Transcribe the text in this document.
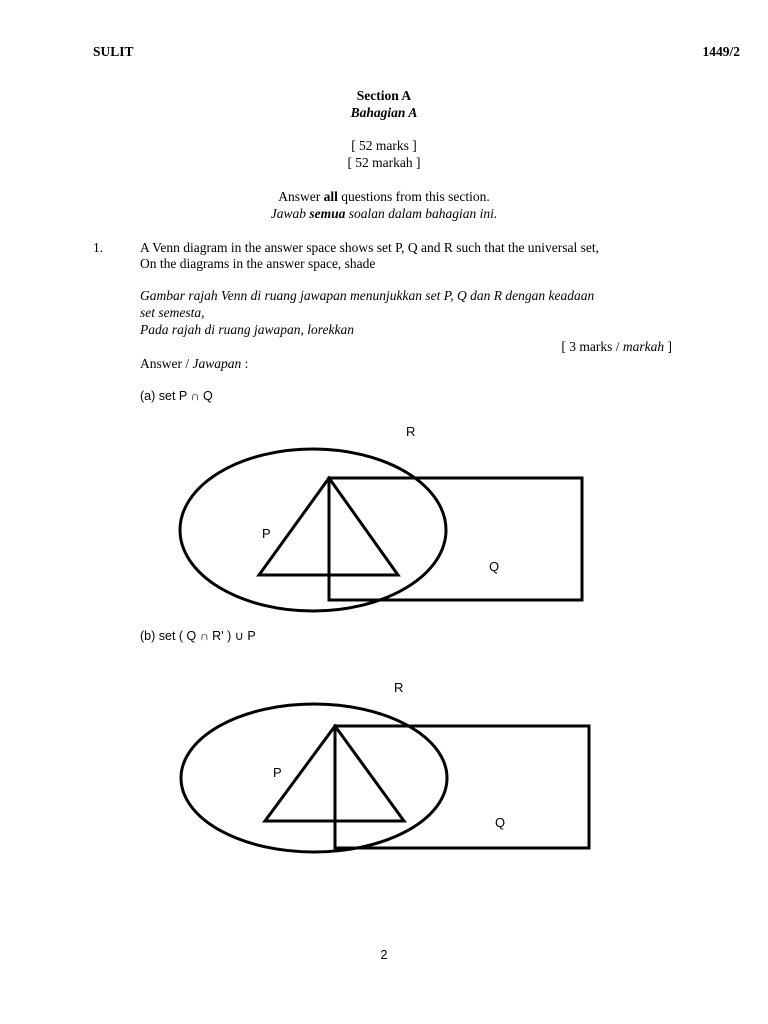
SULIT	1449/2
Section A
Bahagian A
[ 52 marks ]
[ 52 markah ]
Answer all questions from this section.
Jawab semua soalan dalam bahagian ini.
1.	A Venn diagram in the answer space shows set P, Q and R such that the universal set,
On the diagrams in the answer space, shade
Gambar rajah Venn di ruang jawapan menunjukkan set P, Q dan R dengan keadaan
set semesta,
Pada rajah di ruang jawapan, lorekkan
[ 3 marks / markah ]
Answer / Jawapan :
(a) set P ∩ Q
R
P
Q
(b) set ( Q ∩ R' ) ∪ P
R
P
Q
2
